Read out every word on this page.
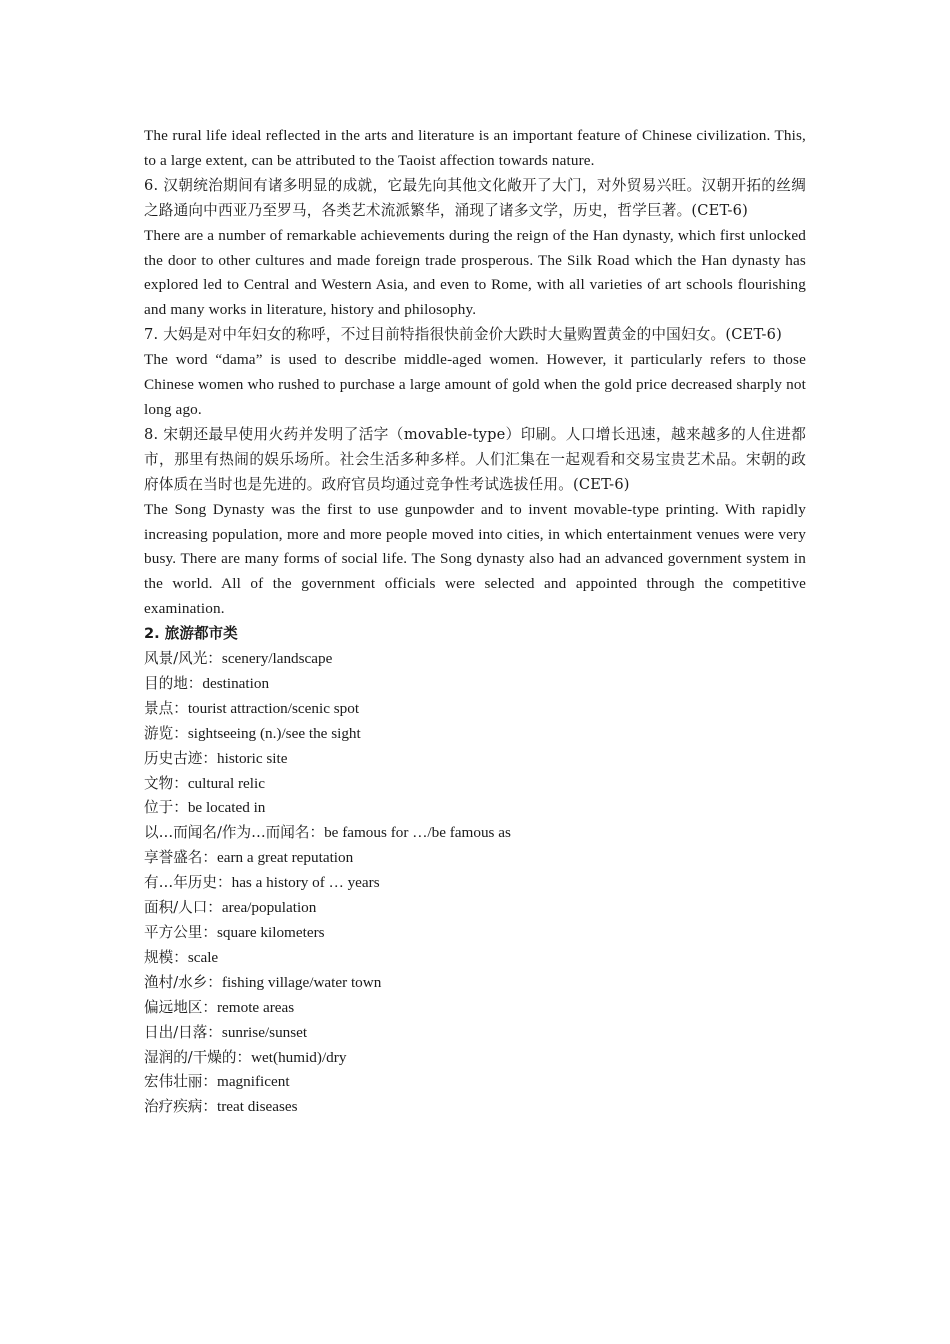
The rural life ideal reflected in the arts and literature is an important feature of Chinese civilization. This, to a large extent, can be attributed to the Taoist affection towards nature.

6. 汉朝统治期间有诸多明显的成就，它最先向其他文化敞开了大门，对外贸易兴旺。汉朝开拓的丝绸之路通向中西亚乃至罗马，各类艺术流派繁华，涌现了诸多文学，历史，哲学巨著。(CET-6)

There are a number of remarkable achievements during the reign of the Han dynasty, which first unlocked the door to other cultures and made foreign trade prosperous. The Silk Road which the Han dynasty has explored led to Central and Western Asia, and even to Rome, with all varieties of art schools flourishing and many works in literature, history and philosophy.

7. 大妈是对中年妇女的称呼，不过目前特指很快前金价大跌时大量购置黄金的中国妇女。(CET-6)

The word “dama” is used to describe middle-aged women. However, it particularly refers to those Chinese women who rushed to purchase a large amount of gold when the gold price decreased sharply not long ago.

8. 宋朝还最早使用火药并发明了活字（movable-type）印刷。人口增长迅速，越来越多的人住进都市，那里有热闹的娱乐场所。社会生活多种多样。人们汇集在一起观看和交易宝贵艺术品。宋朝的政府体质在当时也是先进的。政府官员均通过竞争性考试选拔任用。(CET-6)

The Song Dynasty was the first to use gunpowder and to invent movable-type printing. With rapidly increasing population, more and more people moved into cities, in which entertainment venues were very busy. There are many forms of social life. The Song dynasty also had an advanced government system in the world. All of the government officials were selected and appointed through the competitive examination.

2. 旅游都市类
风景/风光：scenery/landscape
目的地：destination
景点：tourist attraction/scenic spot
游览：sightseeing (n.)/see the sight
历史古迹：historic site
文物：cultural relic
位于：be located in
以…而闻名/作为…而闻名：be famous for …/be famous as
享誉盛名：earn a great reputation
有…年历史：has a history of … years
面积/人口：area/population
平方公里：square kilometers
规模：scale
渔村/水乡：fishing village/water town
偏远地区：remote areas
日出/日落：sunrise/sunset
湿润的/干燥的：wet(humid)/dry
宏伟壮丽：magnificent
治疗疾病：treat diseases
